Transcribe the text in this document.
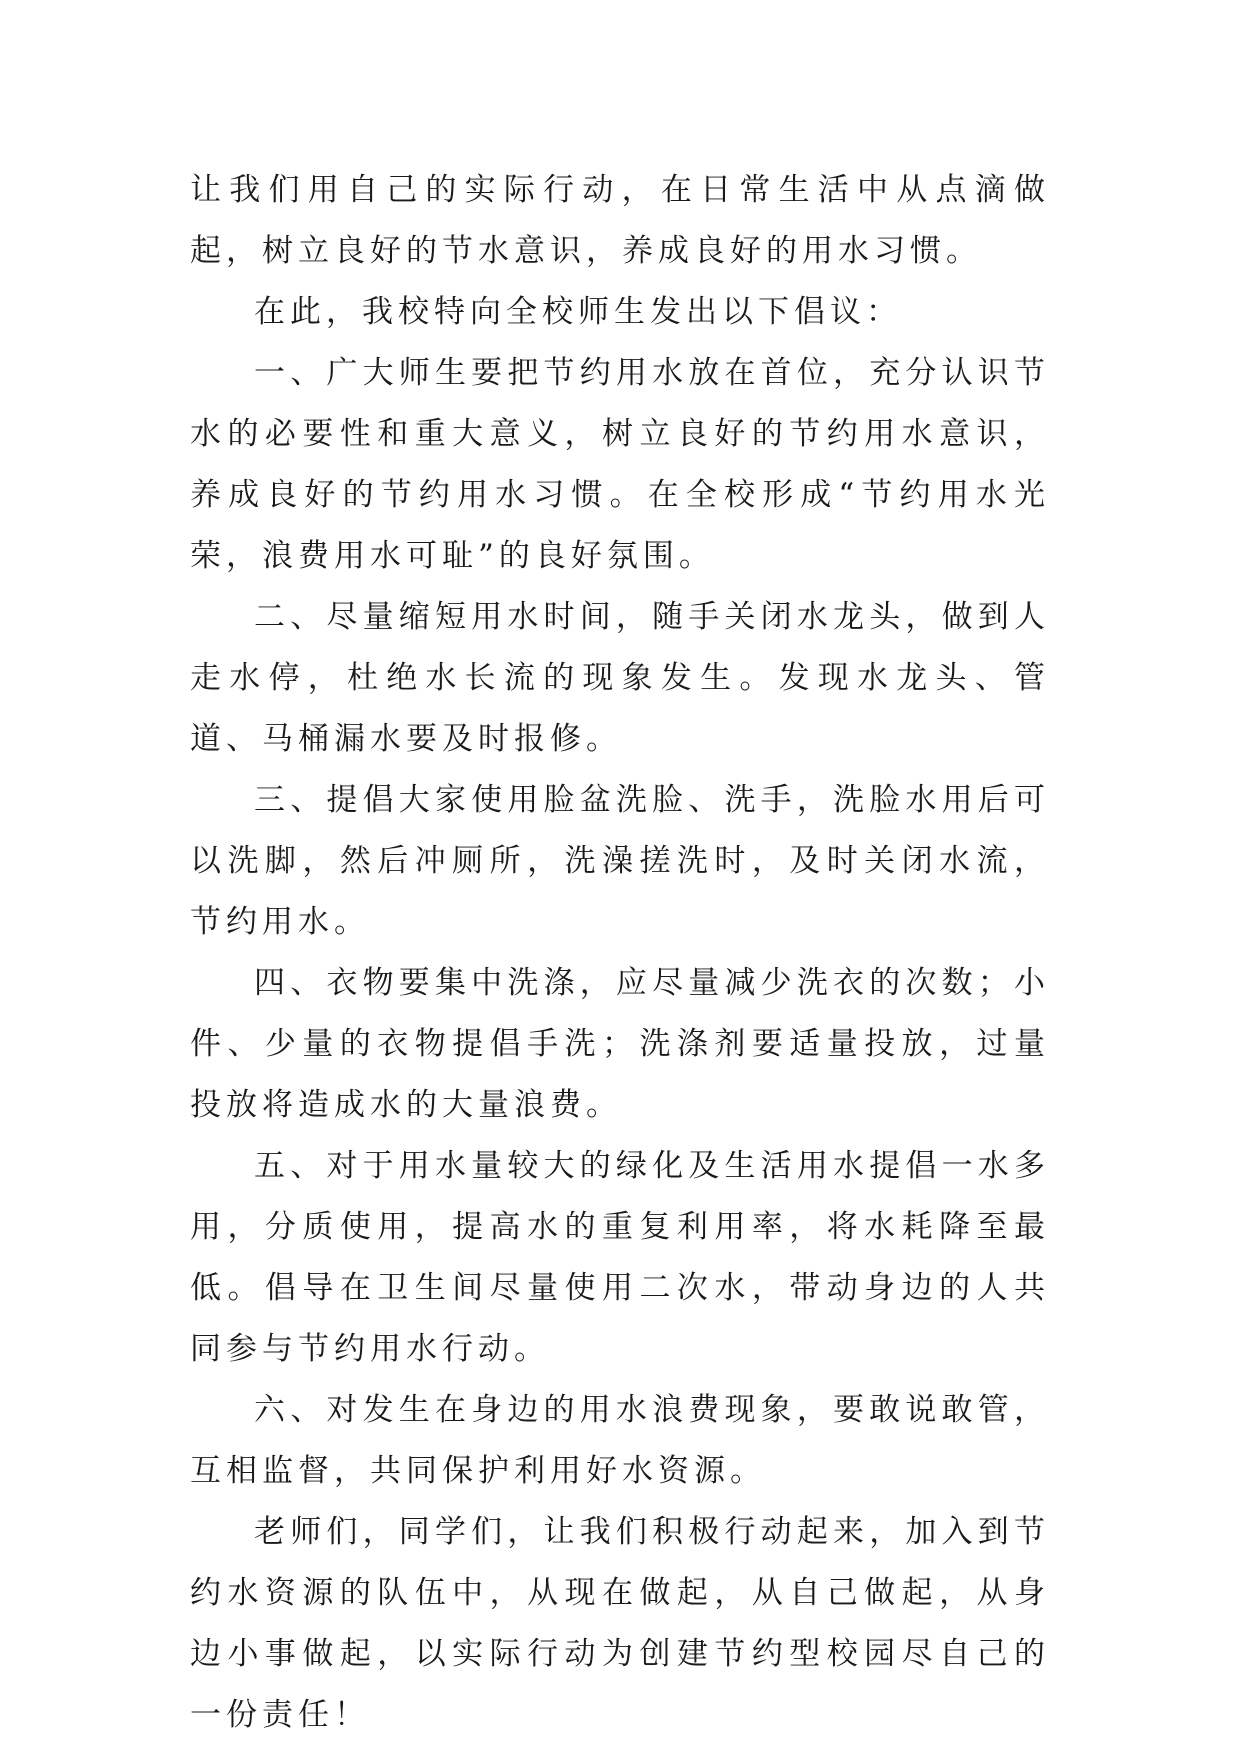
让我们用自己的实际行动，在日常生活中从点滴做起，树立良好的节水意识，养成良好的用水习惯。

在此，我校特向全校师生发出以下倡议：

一、广大师生要把节约用水放在首位，充分认识节水的必要性和重大意义，树立良好的节约用水意识，养成良好的节约用水习惯。在全校形成“节约用水光荣，浪费用水可耻”的良好氛围。

二、尽量缩短用水时间，随手关闭水龙头，做到人走水停，杜绝水长流的现象发生。发现水龙头、管道、马桶漏水要及时报修。

三、提倡大家使用脸盆洗脸、洗手，洗脸水用后可以洗脚，然后冲厕所，洗澡搓洗时，及时关闭水流，节约用水。

四、衣物要集中洗涤，应尽量减少洗衣的次数；小件、少量的衣物提倡手洗；洗涤剂要适量投放，过量投放将造成水的大量浪费。

五、对于用水量较大的绿化及生活用水提倡一水多用，分质使用，提高水的重复利用率，将水耗降至最低。倡导在卫生间尽量使用二次水，带动身边的人共同参与节约用水行动。

六、对发生在身边的用水浪费现象，要敢说敢管，互相监督，共同保护利用好水资源。

老师们，同学们，让我们积极行动起来，加入到节约水资源的队伍中，从现在做起，从自己做起，从身边小事做起，以实际行动为创建节约型校园尽自己的一份责任！
